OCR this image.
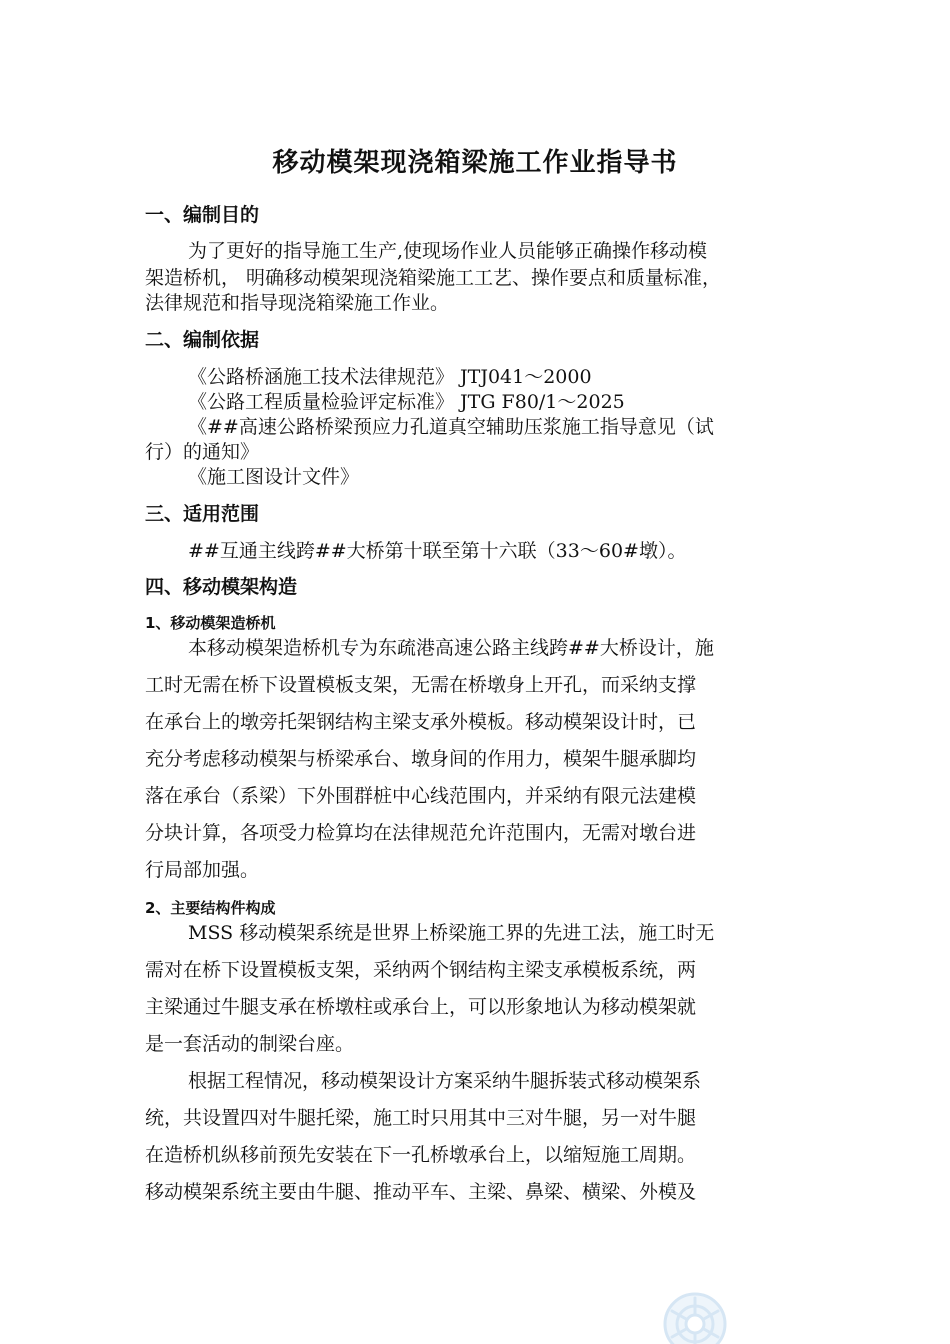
移动模架现浇箱梁施工作业指导书
一、编制目的
为了更好的指导施工生产,使现场作业人员能够正确操作移动模
架造桥机， 明确移动模架现浇箱梁施工工艺、操作要点和质量标准，
法律规范和指导现浇箱梁施工作业。
二、编制依据
《公路桥涵施工技术法律规范》 JTJ041～2000
《公路工程质量检验评定标准》 JTG F80/1～2025
《##高速公路桥梁预应力孔道真空辅助压浆施工指导意见（试
行）的通知》
《施工图设计文件》
三、适用范围
##互通主线跨##大桥第十联至第十六联（33～60#墩）。
四、移动模架构造
1、移动模架造桥机
本移动模架造桥机专为东疏港高速公路主线跨##大桥设计，施
工时无需在桥下设置模板支架，无需在桥墩身上开孔，而采纳支撑
在承台上的墩旁托架钢结构主梁支承外模板。移动模架设计时，已
充分考虑移动模架与桥梁承台、墩身间的作用力，模架牛腿承脚均
落在承台（系梁）下外围群桩中心线范围内，并采纳有限元法建模
分块计算，各项受力检算均在法律规范允许范围内，无需对墩台进
行局部加强。
2、主要结构件构成
MSS 移动模架系统是世界上桥梁施工界的先进工法，施工时无
需对在桥下设置模板支架，采纳两个钢结构主梁支承模板系统，两
主梁通过牛腿支承在桥墩柱或承台上，可以形象地认为移动模架就
是一套活动的制梁台座。
根据工程情况，移动模架设计方案采纳牛腿拆装式移动模架系
统，共设置四对牛腿托梁，施工时只用其中三对牛腿，另一对牛腿
在造桥机纵移前预先安装在下一孔桥墩承台上，以缩短施工周期。
移动模架系统主要由牛腿、推动平车、主梁、鼻梁、横梁、外模及
